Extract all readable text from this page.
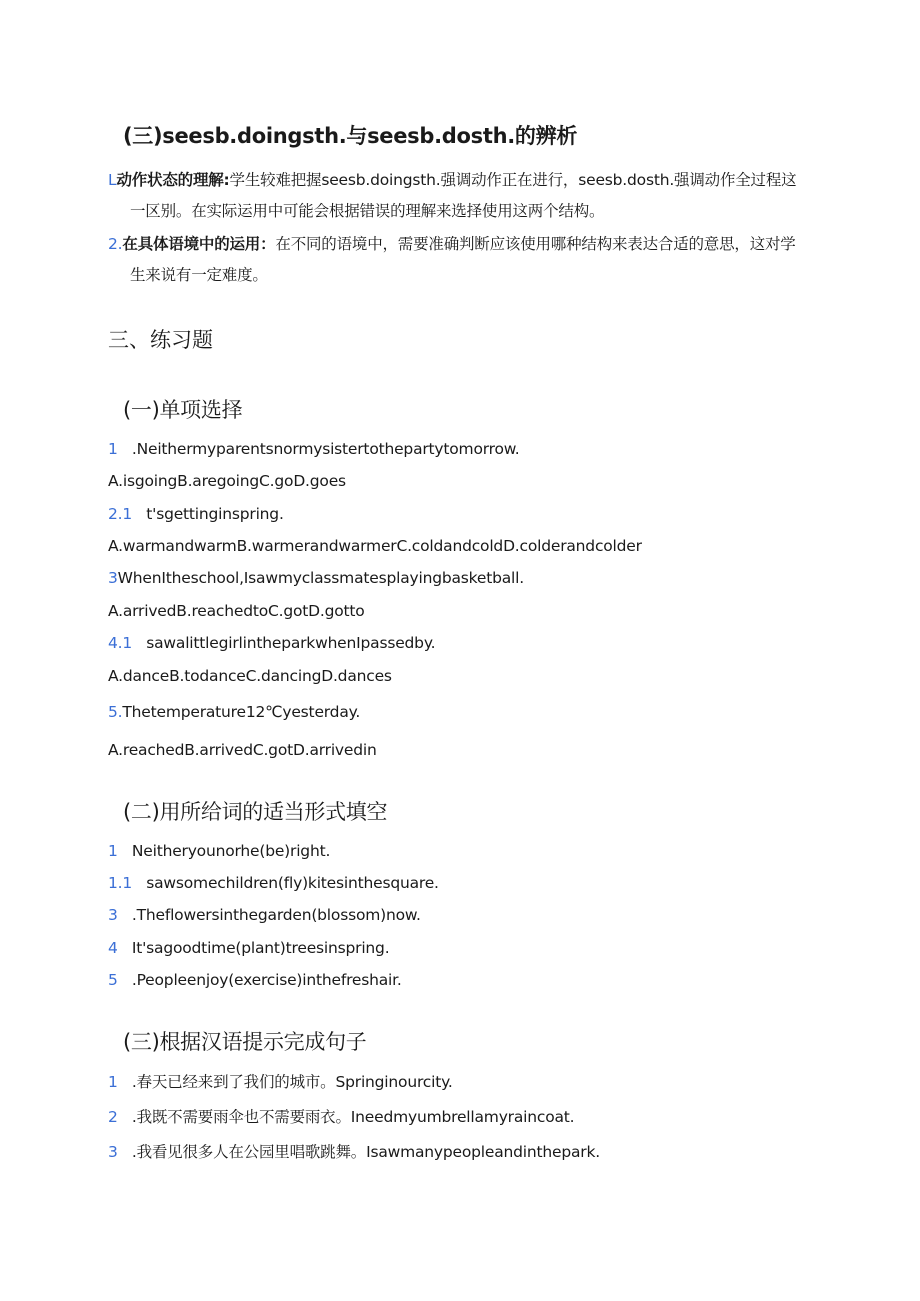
(三)seesb.doingsth.与seesb.dosth.的辨析
L动作状态的理解:学生较难把握seesb.doingsth.强调动作正在进行，seesb.dosth.强调动作全过程这
一区别。在实际运用中可能会根据错误的理解来选择使用这两个结构。
2.在具体语境中的运用：在不同的语境中，需要准确判断应该使用哪种结构来表达合适的意思，这对学
生来说有一定难度。
三、练习题
(一)单项选择
1 .Neithermyparentsnormysistertothepartytomorrow.
A.isgoingB.aregoingC.goD.goes
2.1 t'sgettinginspring.
A.warmandwarmB.warmerandwarmerC.coldandcoldD.colderandcolder
3WhenItheschool,Isawmyclassmatesplayingbasketball.
A.arrivedB.reachedtoC.gotD.gotto
4.1 sawalittlegirlintheparkwhenIpassedby.
A.danceB.todanceC.dancingD.dances
5.Thetemperature12℃yesterday.
A.reachedB.arrivedC.gotD.arrivedin
(二)用所给词的适当形式填空
1 Neitheryounorhe(be)right.
1.1 sawsomechildren(fly)kitesinthesquare.
3 .Theflowersinthegarden(blossom)now.
4 It'sagoodtime(plant)treesinspring.
5 .Peopleenjoy(exercise)inthefreshair.
(三)根据汉语提示完成句子
1 .春天已经来到了我们的城市。Springinourcity.
2 .我既不需要雨伞也不需要雨衣。Ineedmyumbrellamyraincoat.
3 .我看见很多人在公园里唱歌跳舞。Isawmanypeopleandinthepark.
